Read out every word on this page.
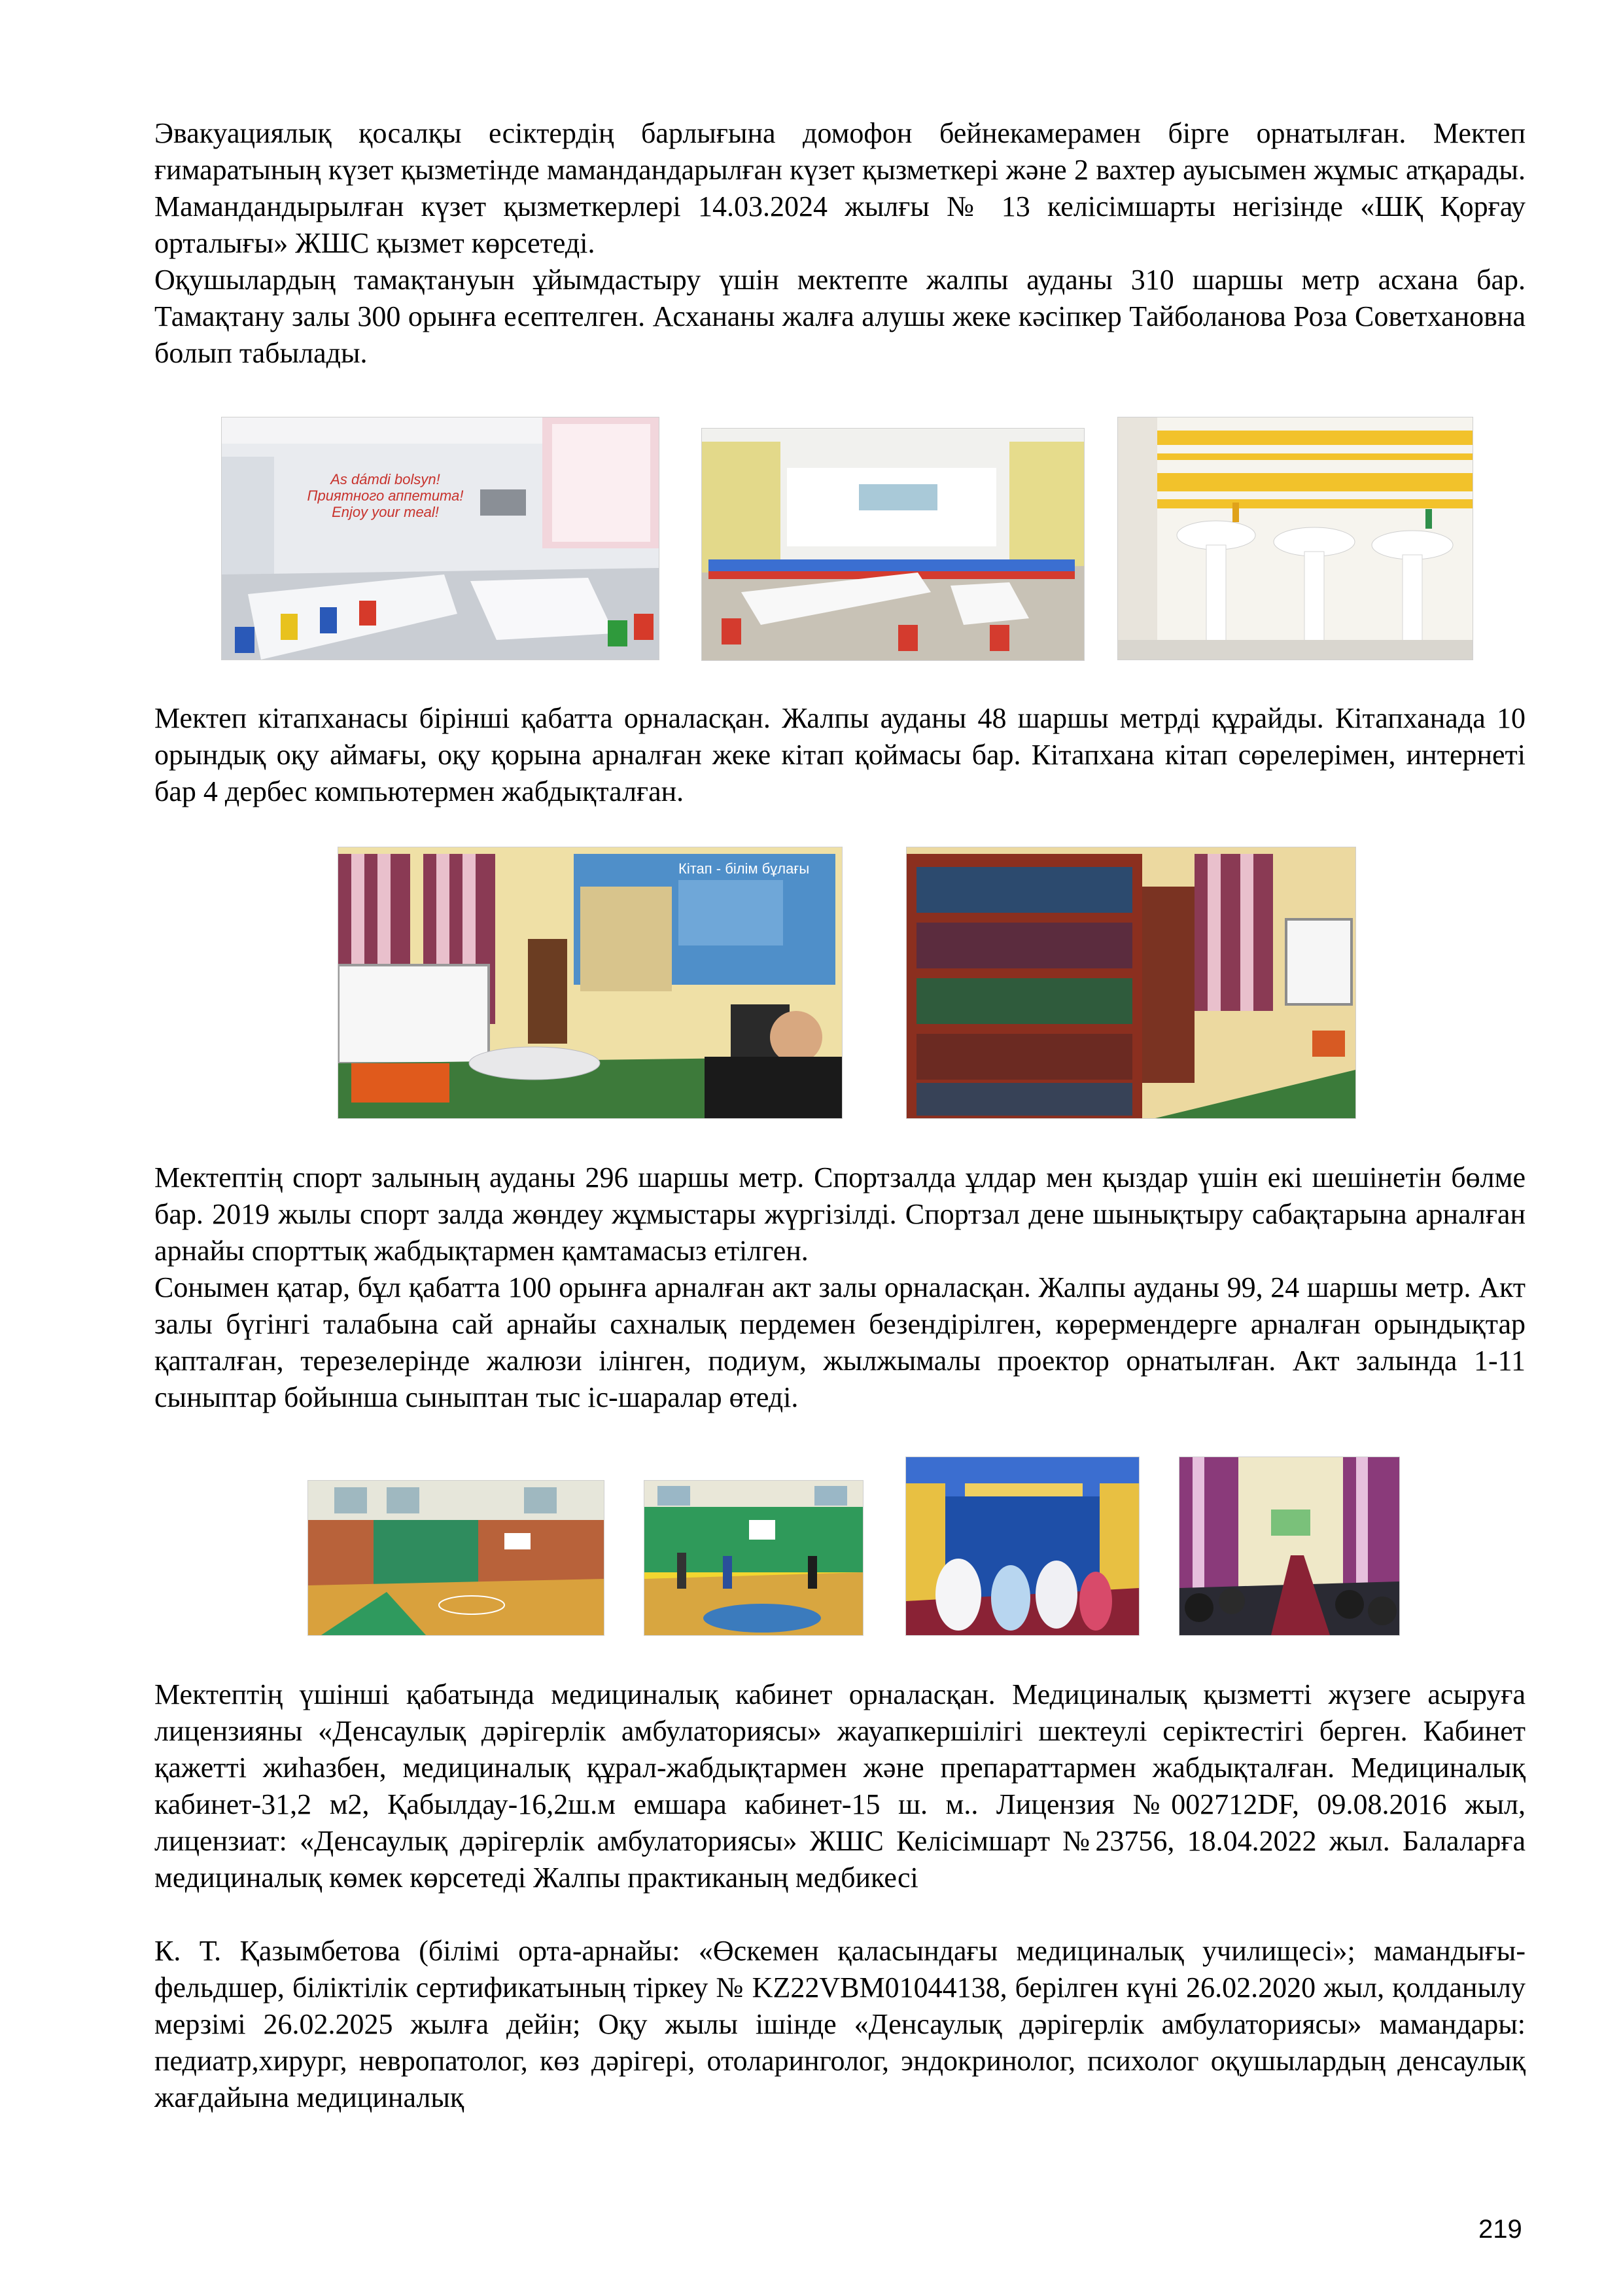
Эвакуациялық қосалқы есіктердің барлығына домофон бейнекамерамен бірге орнатылған. Мектеп ғимаратының күзет қызметінде мамандандарылған күзет қызметкері және 2 вахтер ауысымен жұмыс атқарады. Мамандандырылған күзет қызметкерлері 14.03.2024 жылғы № 13 келісімшарты негізінде «ШҚ Қорғау орталығы» ЖШС қызмет көрсетеді.

Оқушылардың тамақтануын ұйымдастыру үшін мектепте жалпы ауданы 310 шаршы метр асхана бар. Тамақтану залы 300 орынға есептелген. Асхананы жалға алушы жеке кәсіпкер Тайболанова Роза Советхановна болып табылады.

As dámdi bolsyn!
Приятного аппетита!
Enjoy your meal!

Мектеп кітапханасы бірінші қабатта орналасқан. Жалпы ауданы 48 шаршы метрді құрайды. Кітапханада 10 орындық оқу аймағы, оқу қорына арналған жеке кітап қоймасы бар. Кітапхана кітап сөрелерімен, интернеті бар 4 дербес компьютермен жабдықталған.

Кітап - білім бұлағы

Мектептің спорт залының ауданы 296 шаршы метр. Спортзалда ұлдар мен қыздар үшін екі шешінетін бөлме бар. 2019 жылы спорт залда жөндеу жұмыстары жүргізілді. Спортзал дене шынықтыру сабақтарына арналған арнайы спорттық жабдықтармен қамтамасыз етілген.

Сонымен қатар, бұл қабатта 100 орынға арналған акт залы орналасқан. Жалпы ауданы 99, 24 шаршы метр. Акт залы бүгінгі талабына сай арнайы сахналық пердемен безендірілген, көрермендерге арналған орындықтар қапталған, терезелерінде жалюзи ілінген, подиум, жылжымалы проектор орнатылған. Акт залында 1-11 сыныптар бойынша сыныптан тыс іс-шаралар өтеді.

Мектептің үшінші қабатында медициналық кабинет орналасқан. Медициналық қызметті жүзеге асыруға лицензияны «Денсаулық дәрігерлік амбулаториясы» жауапкершілігі шектеулі серіктестігі берген. Кабинет қажетті жиһазбен, медициналық құрал-жабдықтармен және препараттармен жабдықталған. Медициналық кабинет-31,2 м2, Қабылдау-16,2ш.м емшара кабинет-15 ш. м.. Лицензия №002712DF, 09.08.2016 жыл, лицензиат: «Денсаулық дәрігерлік амбулаториясы» ЖШС Келісімшарт №23756, 18.04.2022 жыл. Балаларға медициналық көмек көрсетеді Жалпы практиканың медбикесі

К. Т. Қазымбетова (білімі орта-арнайы: «Өскемен қаласындағы медициналық училищесі»; мамандығы-фельдшер, біліктілік сертификатының тіркеу № KZ22VBM01044138, берілген күні 26.02.2020 жыл, қолданылу мерзімі 26.02.2025 жылға дейін; Оқу жылы ішінде «Денсаулық дәрігерлік амбулаториясы» мамандары: педиатр,хирург, невропатолог, көз дәрігері, отоларинголог, эндокринолог, психолог оқушылардың денсаулық жағдайына медициналық

219
